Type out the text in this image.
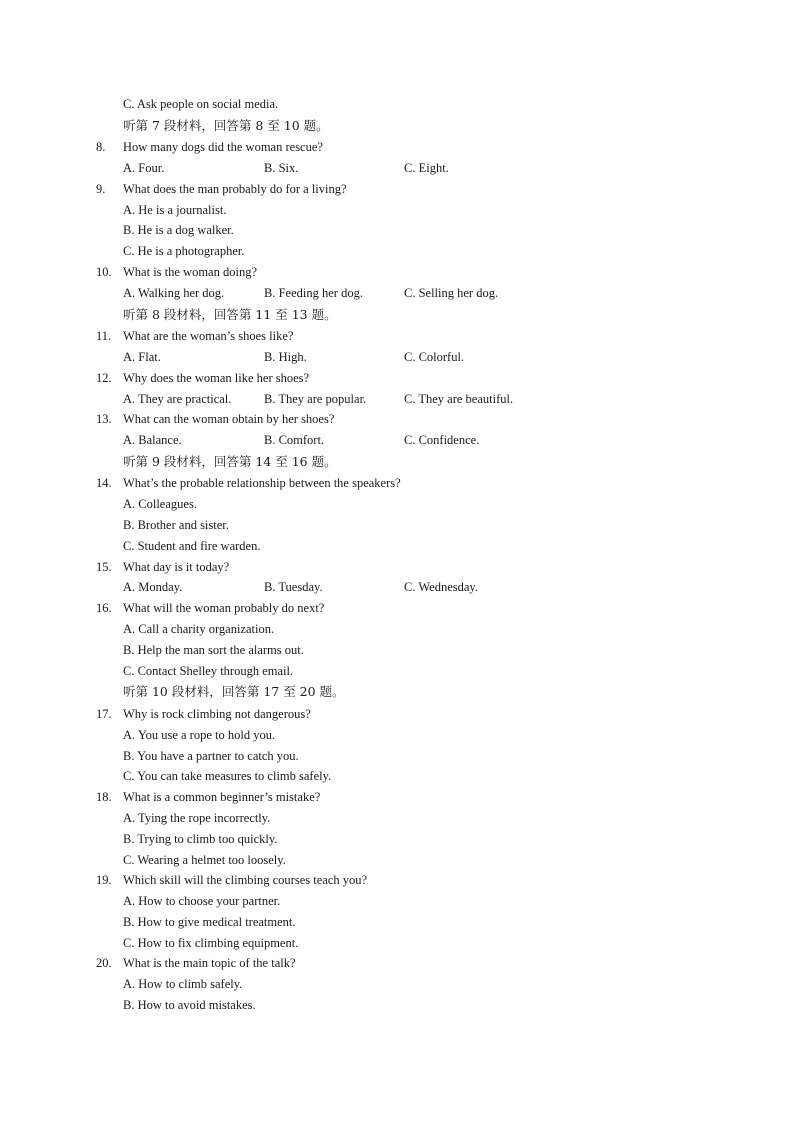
C. Ask people on social media.
听第 7 段材料，回答第 8 至 10 题。
8. How many dogs did the woman rescue?
A. Four.	B. Six.	C. Eight.
9. What does the man probably do for a living?
A. He is a journalist.
B. He is a dog walker.
C. He is a photographer.
10. What is the woman doing?
A. Walking her dog.	B. Feeding her dog.	C. Selling her dog.
听第 8 段材料，回答第 11 至 13 题。
11. What are the woman’s shoes like?
A. Flat.	B. High.	C. Colorful.
12. Why does the woman like her shoes?
A. They are practical.	B. They are popular.	C. They are beautiful.
13. What can the woman obtain by her shoes?
A. Balance.	B. Comfort.	C. Confidence.
听第 9 段材料，回答第 14 至 16 题。
14. What’s the probable relationship between the speakers?
A. Colleagues.
B. Brother and sister.
C. Student and fire warden.
15. What day is it today?
A. Monday.	B. Tuesday.	C. Wednesday.
16. What will the woman probably do next?
A. Call a charity organization.
B. Help the man sort the alarms out.
C. Contact Shelley through email.
听第 10 段材料，回答第 17 至 20 题。
17. Why is rock climbing not dangerous?
A. You use a rope to hold you.
B. You have a partner to catch you.
C. You can take measures to climb safely.
18. What is a common beginner’s mistake?
A. Tying the rope incorrectly.
B. Trying to climb too quickly.
C. Wearing a helmet too loosely.
19. Which skill will the climbing courses teach you?
A. How to choose your partner.
B. How to give medical treatment.
C. How to fix climbing equipment.
20. What is the main topic of the talk?
A. How to climb safely.
B. How to avoid mistakes.
